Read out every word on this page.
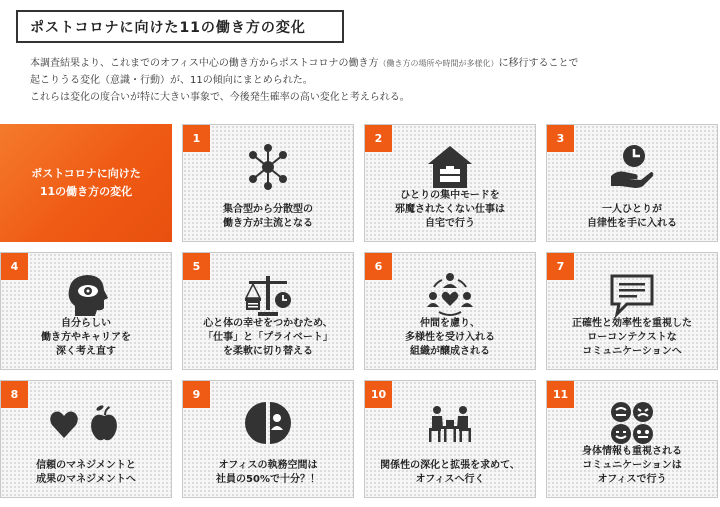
ポストコロナに向けた11の働き方の変化
本調査結果より、これまでのオフィス中心の働き方からポストコロナの働き方（働き方の場所や時間が多様化）に移行することで
起こりうる変化（意識・行動）が、11の傾向にまとめられた。
これらは変化の度合いが特に大きい事象で、今後発生確率の高い変化と考えられる。
ポストコロナに向けた
11の働き方の変化
1
集合型から分散型の
働き方が主流となる
2
ひとりの集中モードを
邪魔されたくない仕事は
自宅で行う
3
一人ひとりが
自律性を手に入れる
4
自分らしい
働き方やキャリアを
深く考え直す
5
心と体の幸せをつかむため、
「仕事」と「プライベート」
を柔軟に切り替える
6
仲間を慮り、
多様性を受け入れる
組織が醸成される
7
正確性と効率性を重視した
ローコンテクストな
コミュニケーションへ
8
信頼のマネジメントと
成果のマネジメントへ
9
オフィスの執務空間は
社員の50%で十分？！
10
関係性の深化と拡張を求めて、
オフィスへ行く
11
身体情報も重視される
コミュニケーションは
オフィスで行う
